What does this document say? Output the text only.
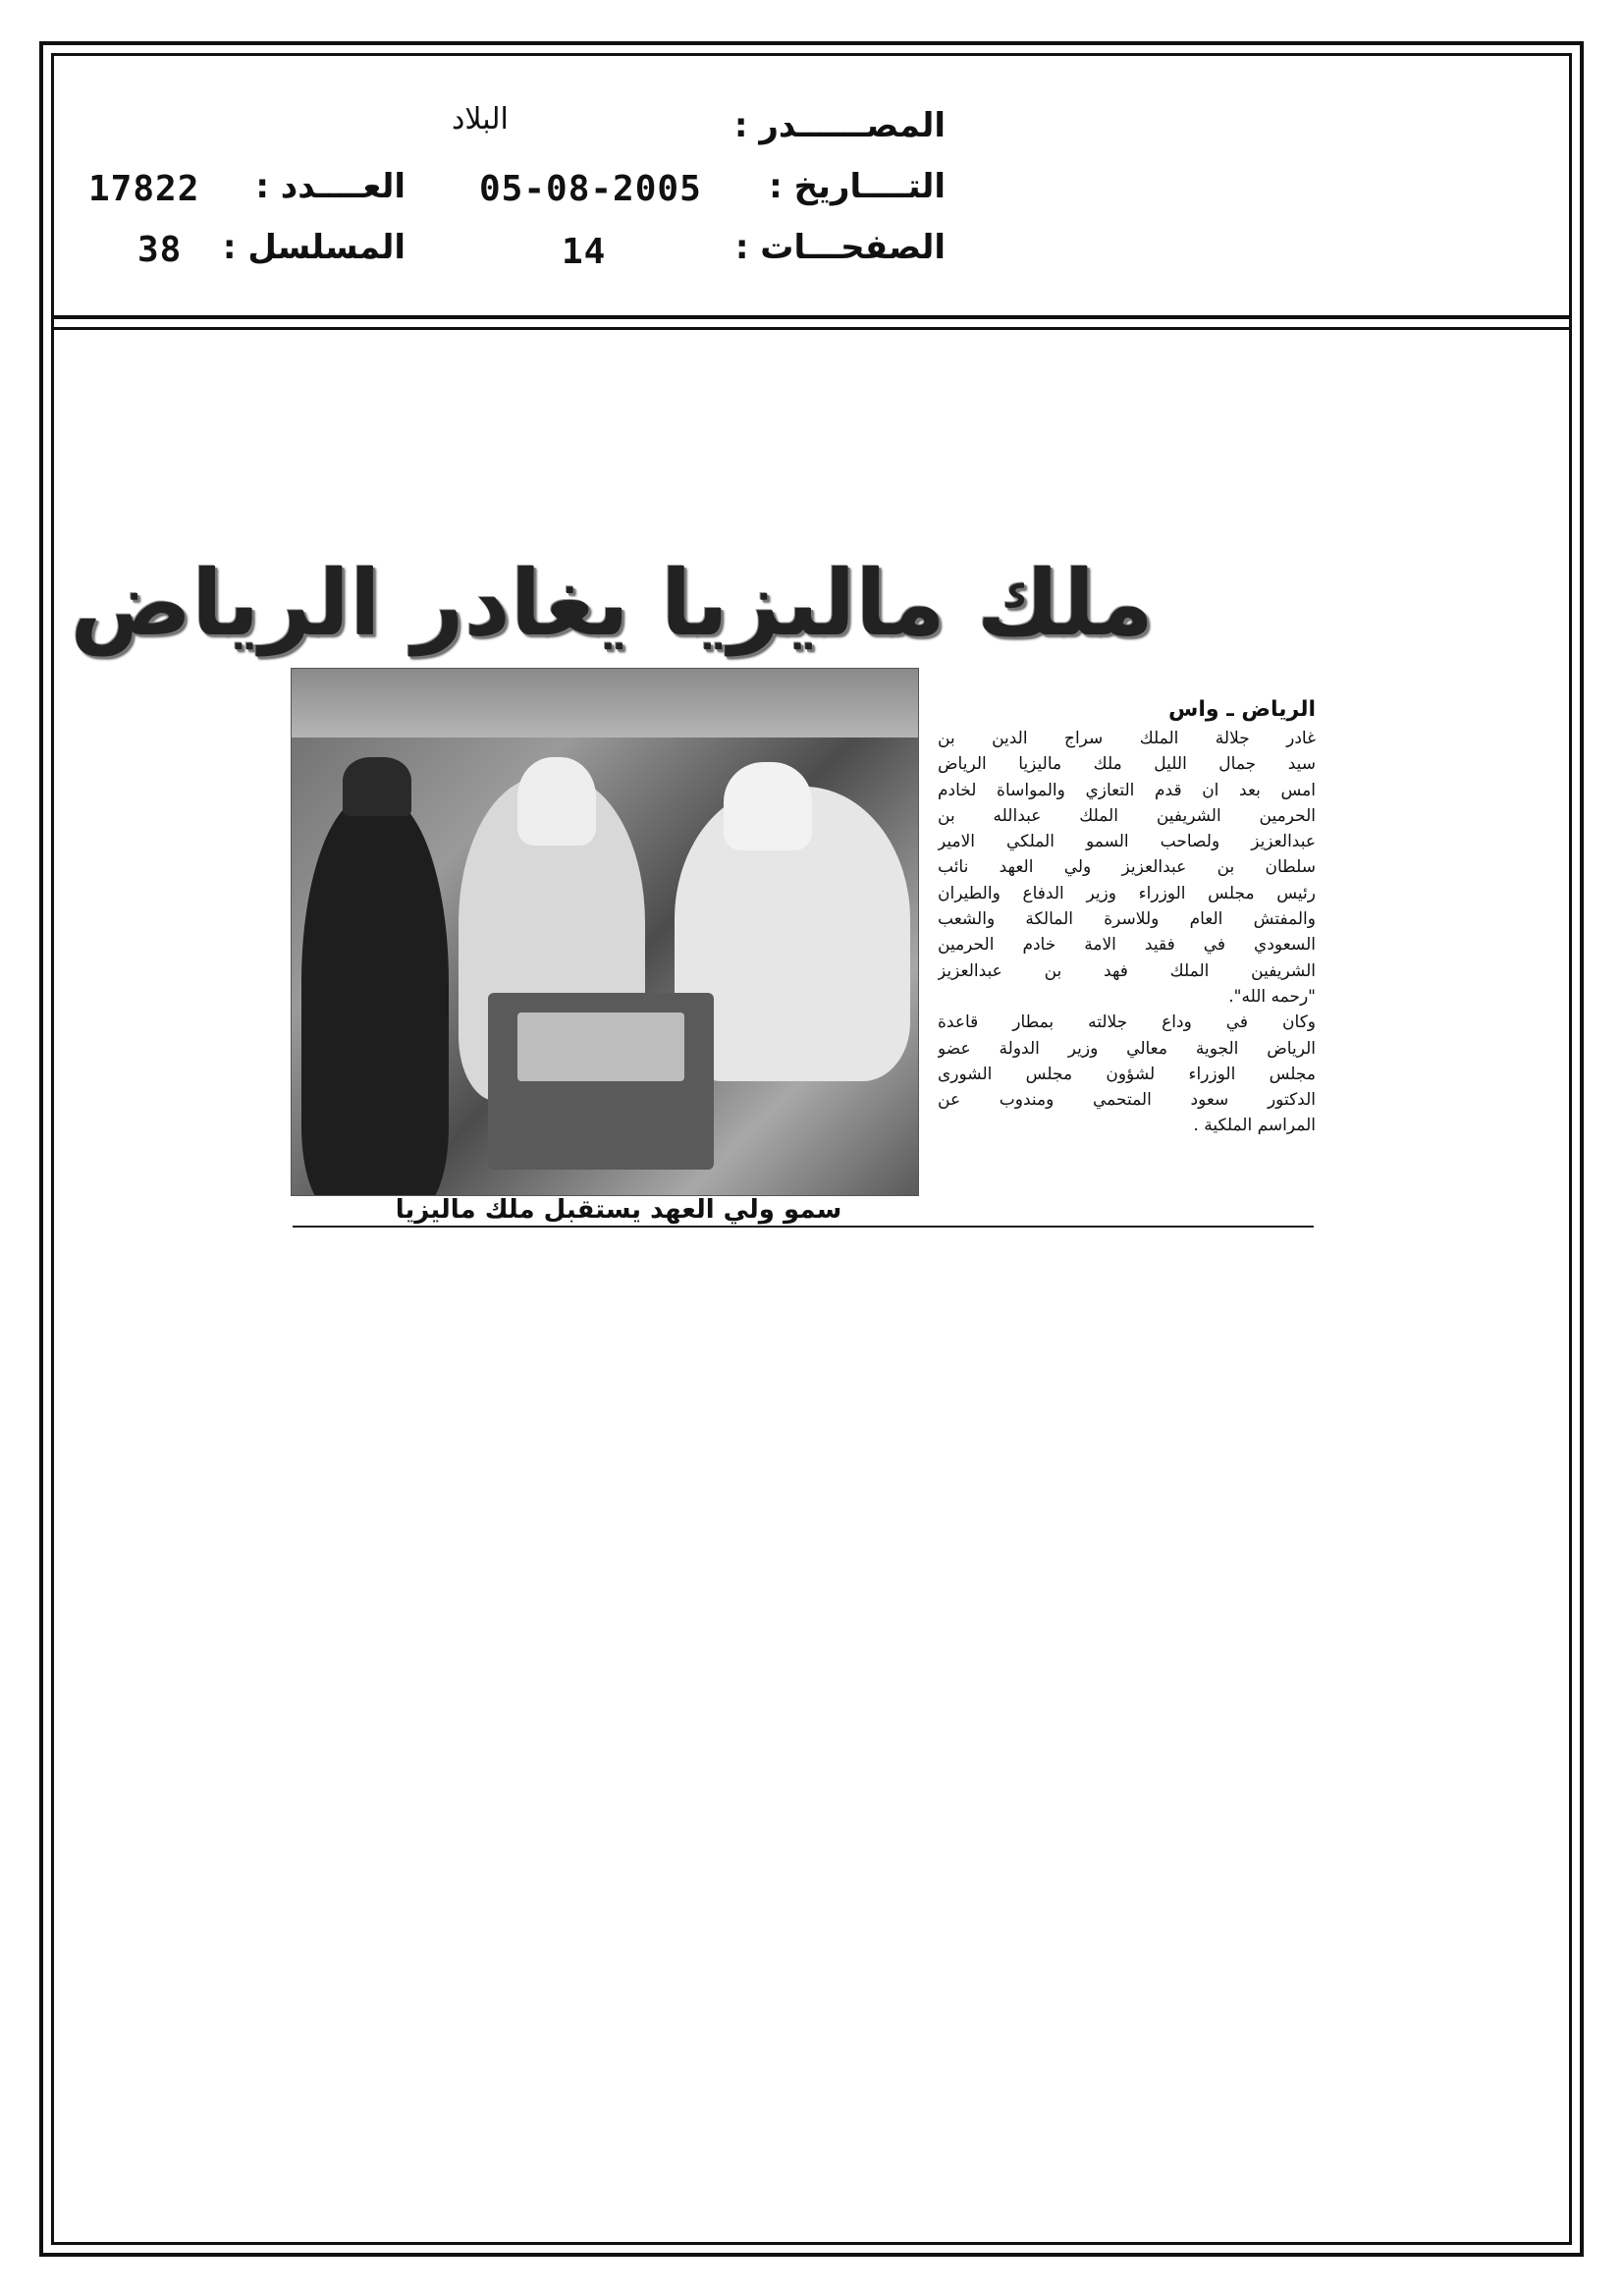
المصــــــدر :
البلاد
التــــاريخ :
05-08-2005
العــــدد :
17822
الصفحـــات :
14
المسلسل :
38
ملك ماليزيا يغادر الرياض
سمو ولي العهد يستقبل ملك ماليزيا
الرياض ـ واس
غادر جلالة الملك سراج الدين بن
سيد جمال الليل ملك ماليزيا الرياض
امس بعد ان قدم التعازي والمواساة لخادم
الحرمين الشريفين الملك عبدالله بن
عبدالعزيز ولصاحب السمو الملكي الامير
سلطان بن عبدالعزيز ولي العهد نائب
رئيس مجلس الوزراء وزير الدفاع والطيران
والمفتش العام وللاسرة المالكة والشعب
السعودي في فقيد الامة خادم الحرمين
الشريفين الملك فهد بن عبدالعزيز
"رحمه الله".
وكان في وداع جلالته بمطار قاعدة
الرياض الجوية معالي وزير الدولة عضو
مجلس الوزراء لشؤون مجلس الشورى
الدكتور سعود المتحمي ومندوب عن
المراسم الملكية .
